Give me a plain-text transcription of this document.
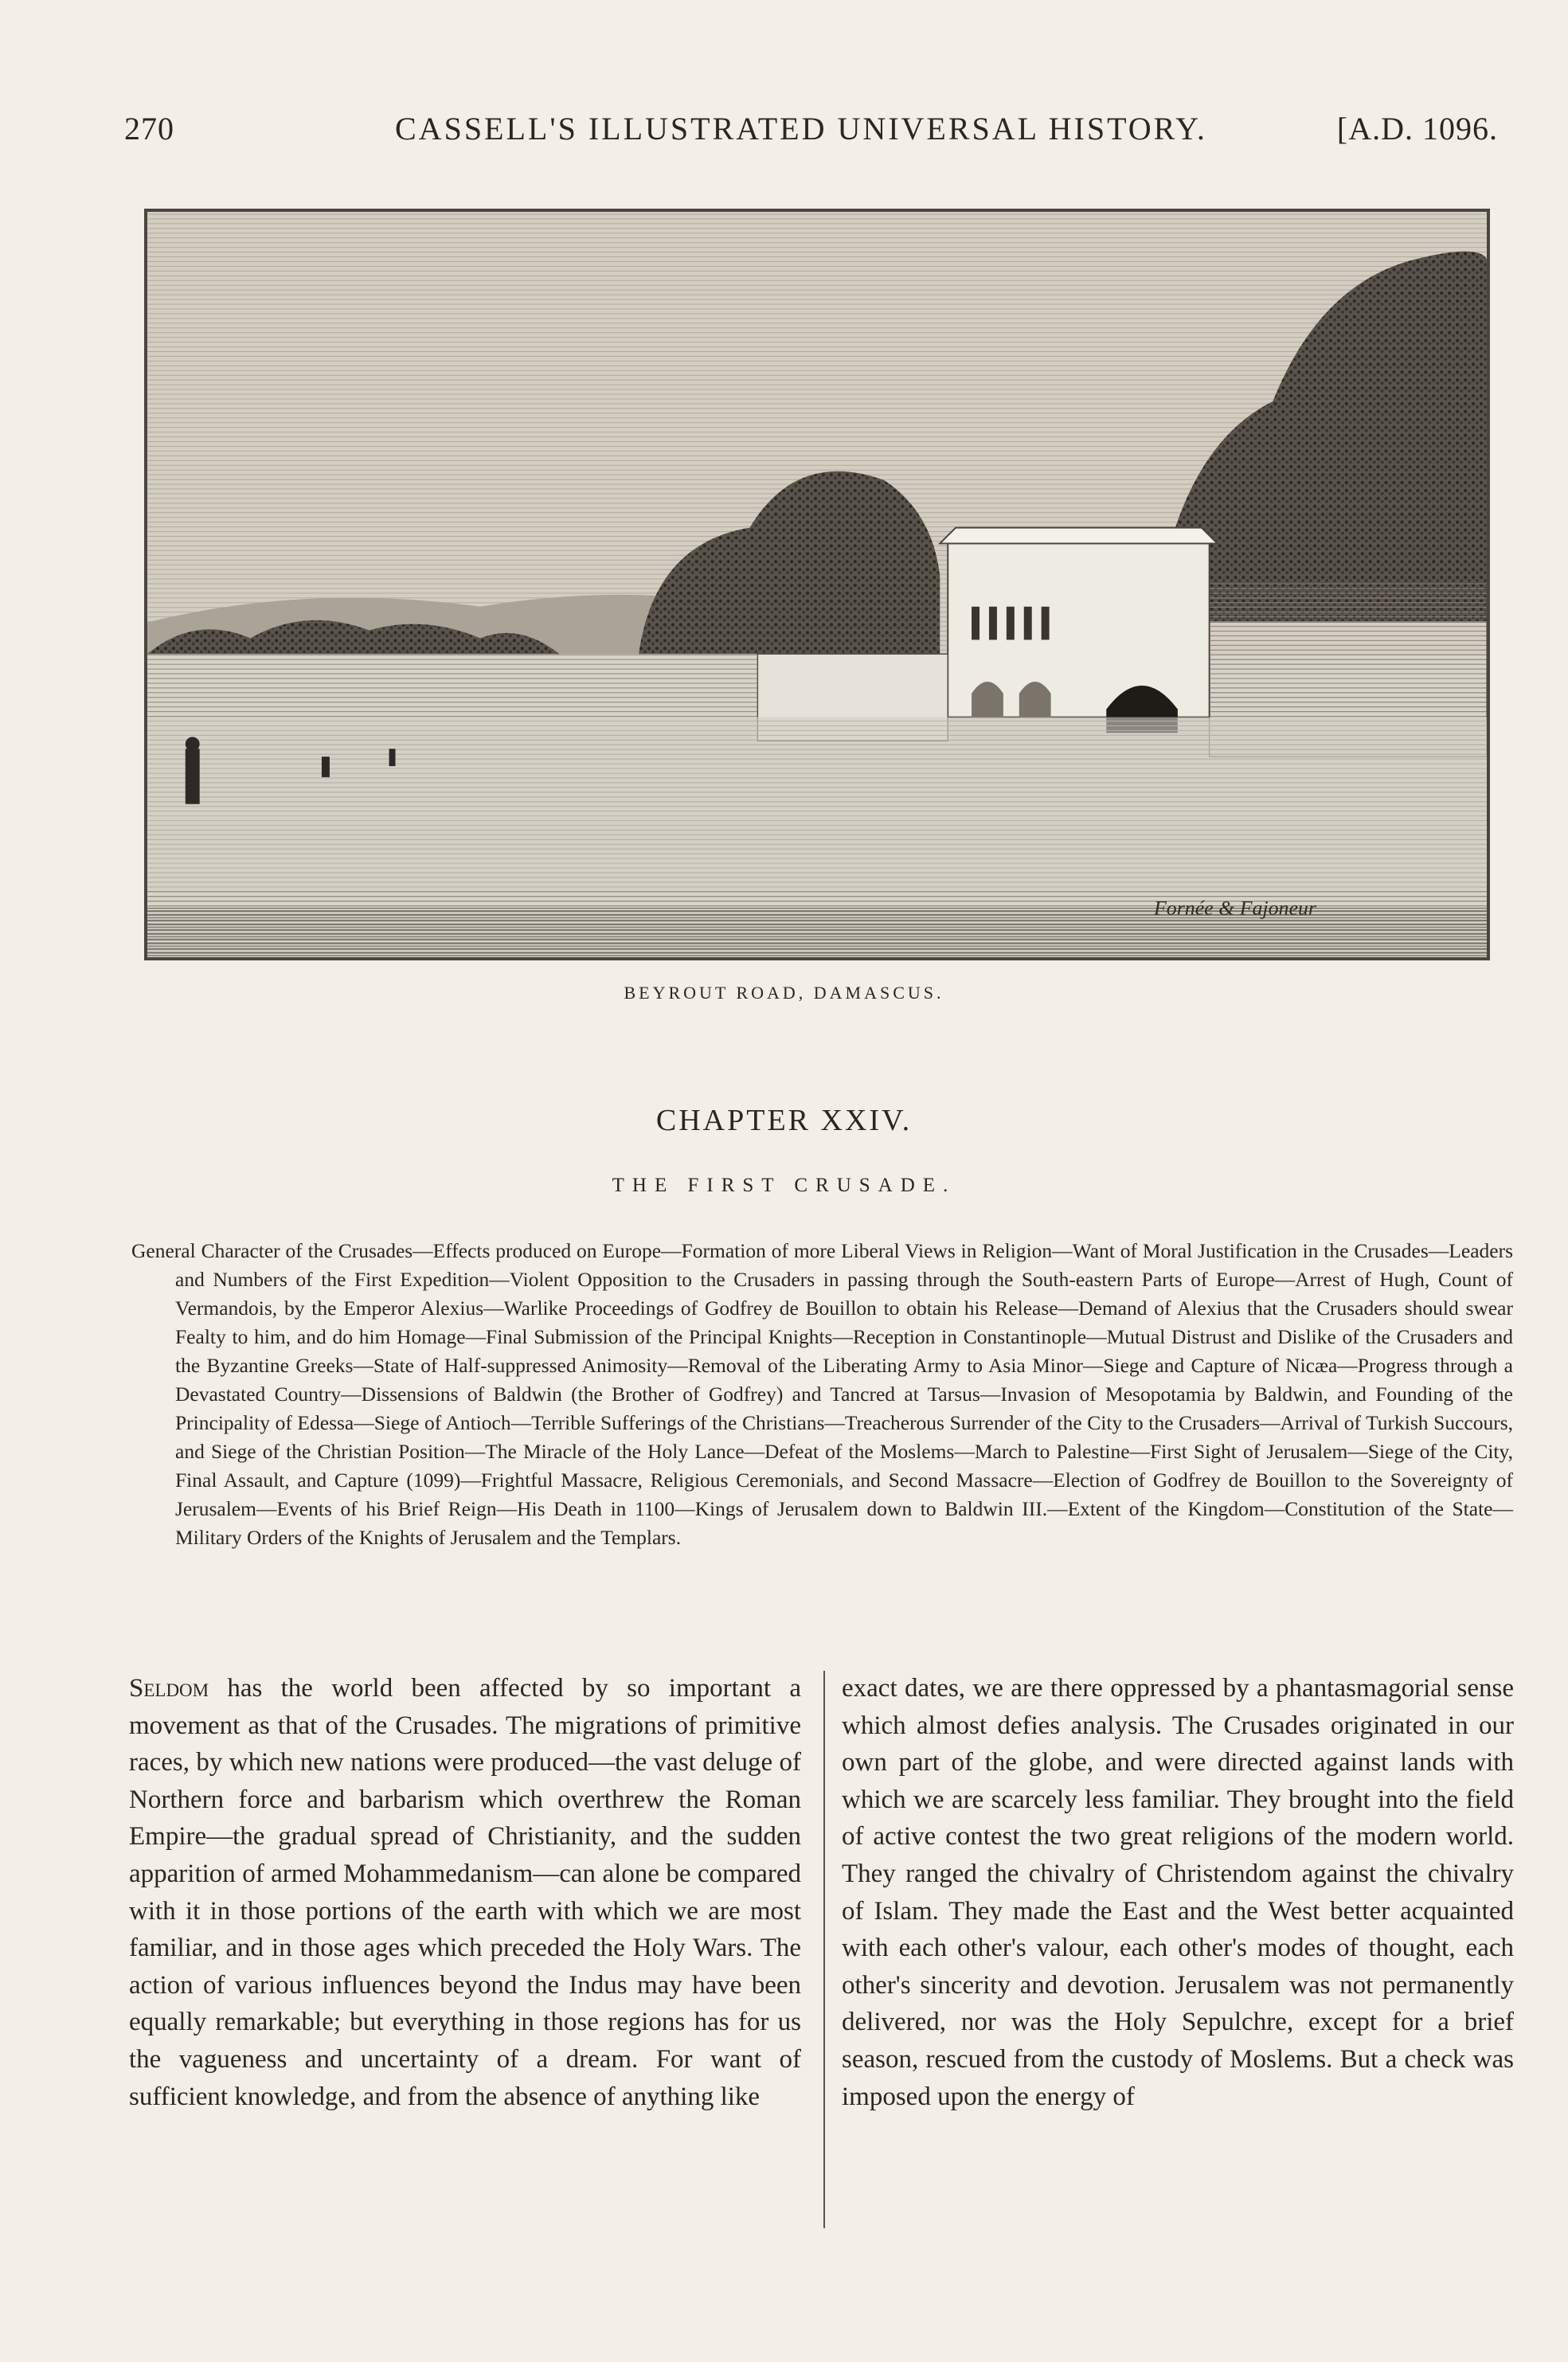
270	CASSELL'S ILLUSTRATED UNIVERSAL HISTORY.	[A.D. 1096.
Fornée & Fajoneur
BEYROUT ROAD, DAMASCUS.
CHAPTER XXIV.
THE FIRST CRUSADE.

General Character of the Crusades—Effects produced on Europe—Formation of more Liberal Views in Religion—Want of Moral Justification in the Crusades—Leaders and Numbers of the First Expedition—Violent Opposition to the Crusaders in passing through the South-eastern Parts of Europe—Arrest of Hugh, Count of Vermandois, by the Emperor Alexius—Warlike Proceedings of Godfrey de Bouillon to obtain his Release—Demand of Alexius that the Crusaders should swear Fealty to him, and do him Homage—Final Submission of the Principal Knights—Reception in Constantinople—Mutual Distrust and Dislike of the Crusaders and the Byzantine Greeks—State of Half-suppressed Animosity—Removal of the Liberating Army to Asia Minor—Siege and Capture of Nicæa—Progress through a Devastated Country—Dissensions of Baldwin (the Brother of Godfrey) and Tancred at Tarsus—Invasion of Mesopotamia by Baldwin, and Founding of the Principality of Edessa—Siege of Antioch—Terrible Sufferings of the Christians—Treacherous Surrender of the City to the Crusaders—Arrival of Turkish Succours, and Siege of the Christian Position—The Miracle of the Holy Lance—Defeat of the Moslems—March to Palestine—First Sight of Jerusalem—Siege of the City, Final Assault, and Capture (1099)—Frightful Massacre, Religious Ceremonials, and Second Massacre—Election of Godfrey de Bouillon to the Sovereignty of Jerusalem—Events of his Brief Reign—His Death in 1100—Kings of Jerusalem down to Baldwin III.—Extent of the Kingdom—Constitution of the State—Military Orders of the Knights of Jerusalem and the Templars.

Seldom has the world been affected by so important a movement as that of the Crusades. The migrations of primitive races, by which new nations were produced—the vast deluge of Northern force and barbarism which overthrew the Roman Empire—the gradual spread of Christianity, and the sudden apparition of armed Mohammedanism—can alone be compared with it in those portions of the earth with which we are most familiar, and in those ages which preceded the Holy Wars. The action of various influences beyond the Indus may have been equally remarkable; but everything in those regions has for us the vagueness and uncertainty of a dream. For want of sufficient knowledge, and from the absence of anything like

exact dates, we are there oppressed by a phantasmagorial sense which almost defies analysis. The Crusades originated in our own part of the globe, and were directed against lands with which we are scarcely less familiar. They brought into the field of active contest the two great religions of the modern world. They ranged the chivalry of Christendom against the chivalry of Islam. They made the East and the West better acquainted with each other's valour, each other's modes of thought, each other's sincerity and devotion. Jerusalem was not permanently delivered, nor was the Holy Sepulchre, except for a brief season, rescued from the custody of Moslems. But a check was imposed upon the energy of
